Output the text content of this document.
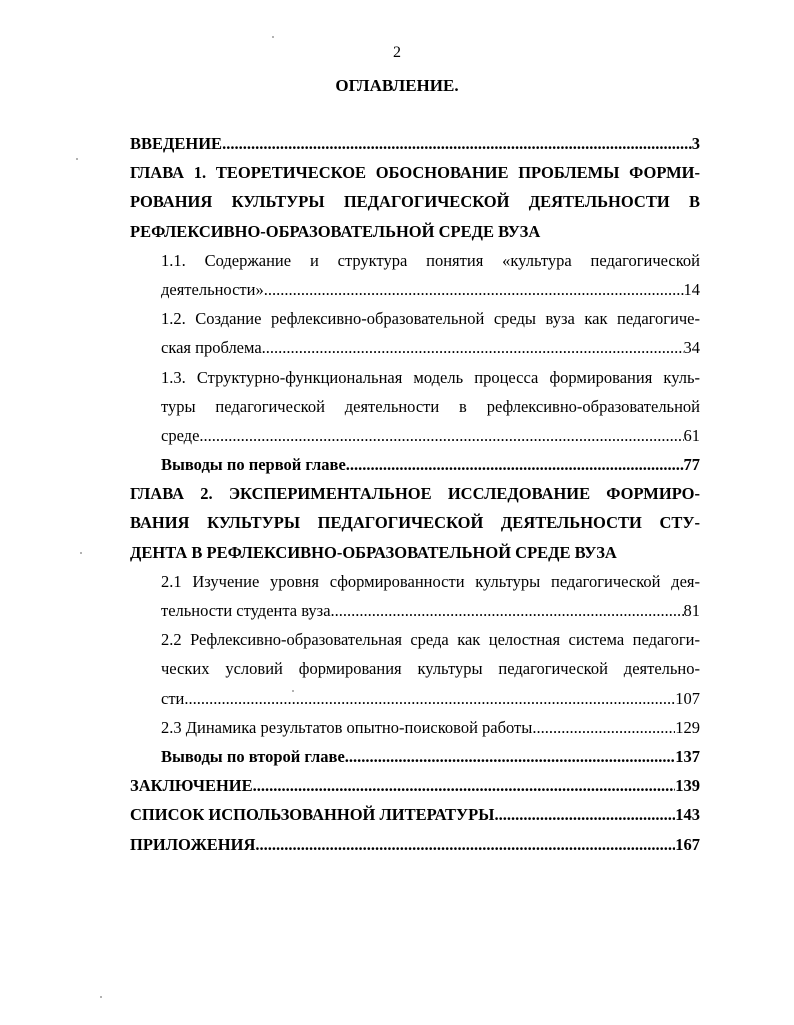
2
ОГЛАВЛЕНИЕ.
ВВЕДЕНИЕ .....	3
ГЛАВА 1. ТЕОРЕТИЧЕСКОЕ ОБОСНОВАНИЕ ПРОБЛЕМЫ ФОРМИ-
РОВАНИЯ КУЛЬТУРЫ ПЕДАГОГИЧЕСКОЙ ДЕЯТЕЛЬНОСТИ В
РЕФЛЕКСИВНО-ОБРАЗОВАТЕЛЬНОЙ СРЕДЕ ВУЗА
1.1. Содержание и структура понятия «культура педагогической
деятельности» .....	14
1.2. Создание рефлексивно-образовательной среды вуза как педагогиче-
ская проблема .....	34
1.3. Структурно-функциональная модель процесса формирования куль-
туры педагогической деятельности в рефлексивно-образовательной
среде .....	61
Выводы по первой главе .....	77
ГЛАВА 2. ЭКСПЕРИМЕНТАЛЬНОЕ ИССЛЕДОВАНИЕ ФОРМИРО-
ВАНИЯ КУЛЬТУРЫ ПЕДАГОГИЧЕСКОЙ ДЕЯТЕЛЬНОСТИ СТУ-
ДЕНТА В РЕФЛЕКСИВНО-ОБРАЗОВАТЕЛЬНОЙ СРЕДЕ ВУЗА
2.1 Изучение уровня сформированности культуры педагогической дея-
тельности студента вуза .....	81
2.2 Рефлексивно-образовательная среда как целостная система педагоги-
ческих условий формирования культуры педагогической деятельно-
сти .....	107
2.3 Динамика результатов опытно-поисковой работы .....	129
Выводы по второй главе .....	137
ЗАКЛЮЧЕНИЕ .....	139
СПИСОК ИСПОЛЬЗОВАННОЙ ЛИТЕРАТУРЫ .....	143
ПРИЛОЖЕНИЯ .....	167
